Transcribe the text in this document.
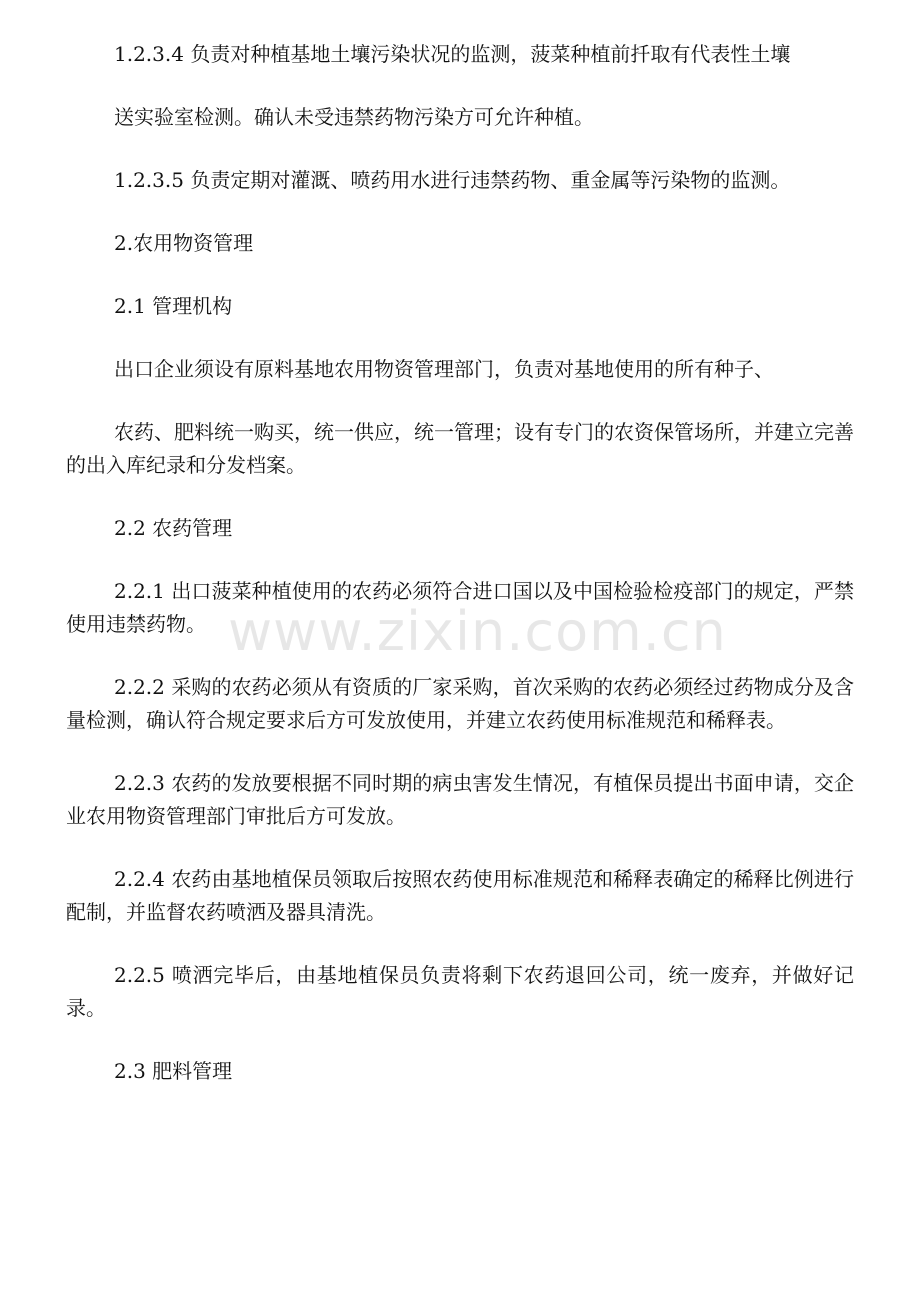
1.2.3.4 负责对种植基地土壤污染状况的监测，菠菜种植前扦取有代表性土壤

送实验室检测。确认未受违禁药物污染方可允许种植。

1.2.3.5 负责定期对灌溉、喷药用水进行违禁药物、重金属等污染物的监测。

2.农用物资管理

2.1 管理机构

出口企业须设有原料基地农用物资管理部门，负责对基地使用的所有种子、

农药、肥料统一购买，统一供应，统一管理；设有专门的农资保管场所，并建立完善的出入库纪录和分发档案。

2.2 农药管理

2.2.1 出口菠菜种植使用的农药必须符合进口国以及中国检验检疫部门的规定，严禁使用违禁药物。

2.2.2 采购的农药必须从有资质的厂家采购，首次采购的农药必须经过药物成分及含量检测，确认符合规定要求后方可发放使用，并建立农药使用标准规范和稀释表。

2.2.3 农药的发放要根据不同时期的病虫害发生情况，有植保员提出书面申请，交企业农用物资管理部门审批后方可发放。

2.2.4 农药由基地植保员领取后按照农药使用标准规范和稀释表确定的稀释比例进行配制，并监督农药喷洒及器具清洗。

2.2.5 喷洒完毕后，由基地植保员负责将剩下农药退回公司，统一废弃，并做好记录。

2.3 肥料管理

www.zixin.com.cn
